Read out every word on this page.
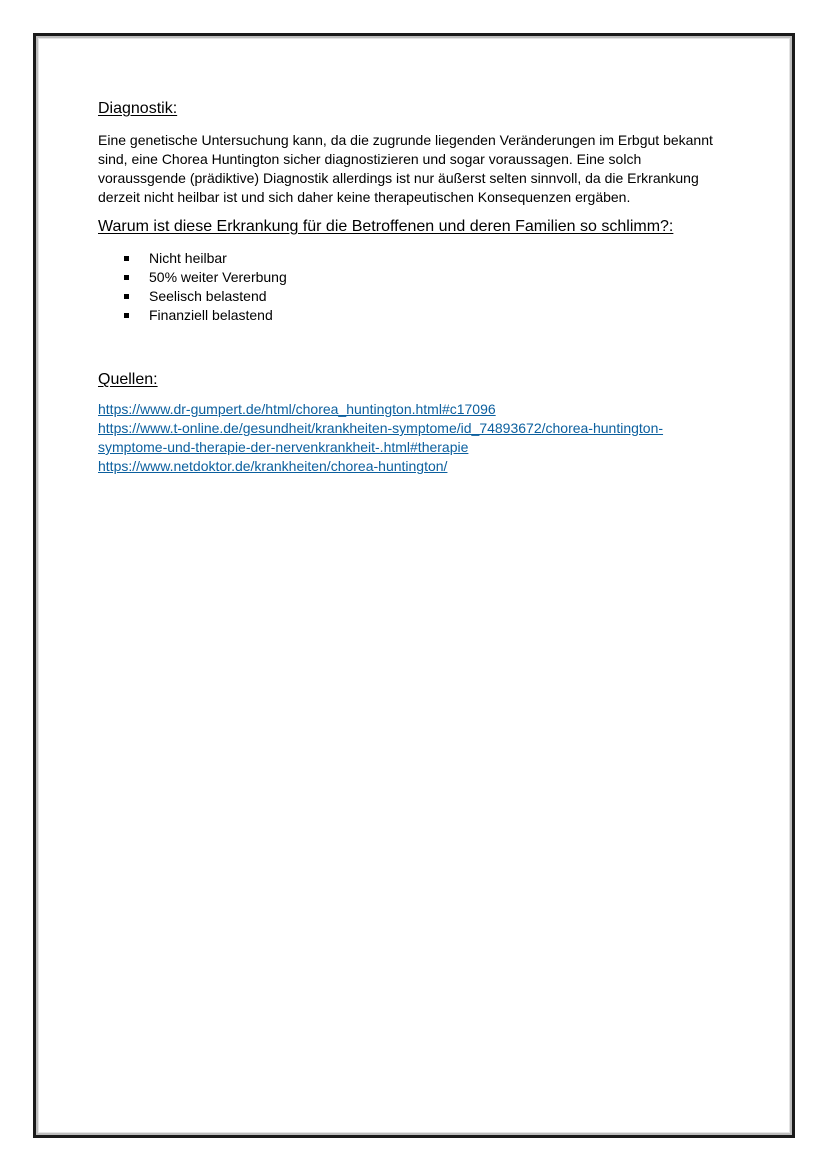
Diagnostik:

Eine genetische Untersuchung kann, da die zugrunde liegenden Veränderungen im Erbgut bekannt sind, eine Chorea Huntington sicher diagnostizieren und sogar voraussagen. Eine solch voraussgende (prädiktive) Diagnostik allerdings ist nur äußerst selten sinnvoll, da die Erkrankung derzeit nicht heilbar ist und sich daher keine therapeutischen Konsequenzen ergäben.

Warum ist diese Erkrankung für die Betroffenen und deren Familien so schlimm?:
Nicht heilbar
50% weiter Vererbung
Seelisch belastend
Finanziell belastend
Quellen:
https://www.dr-gumpert.de/html/chorea_huntington.html#c17096
https://www.t-online.de/gesundheit/krankheiten-symptome/id_74893672/chorea-huntington-symptome-und-therapie-der-nervenkrankheit-.html#therapie
https://www.netdoktor.de/krankheiten/chorea-huntington/
